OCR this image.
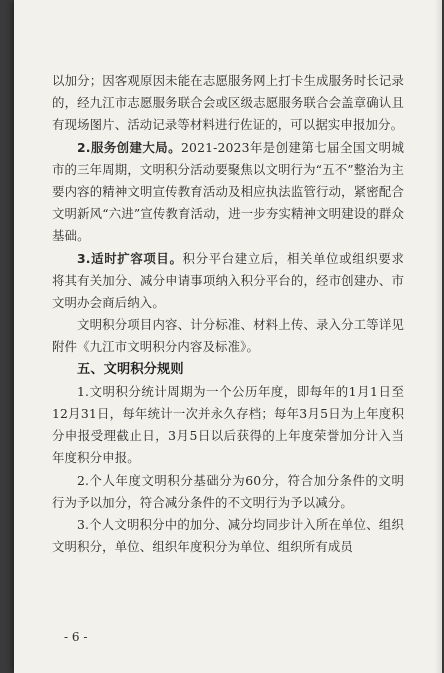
以加分；因客观原因未能在志愿服务网上打卡生成服务时长记录的，经九江市志愿服务联合会或区级志愿服务联合会盖章确认且有现场图片、活动记录等材料进行佐证的，可以据实申报加分。

2.服务创建大局。2021-2023年是创建第七届全国文明城市的三年周期，文明积分活动要聚焦以文明行为“五不”整治为主要内容的精神文明宣传教育活动及相应执法监管行动，紧密配合文明新风“六进”宣传教育活动，进一步夯实精神文明建设的群众基础。

3.适时扩容项目。积分平台建立后，相关单位或组织要求将其有关加分、减分申请事项纳入积分平台的，经市创建办、市文明办会商后纳入。

文明积分项目内容、计分标准、材料上传、录入分工等详见附件《九江市文明积分内容及标准》。

五、文明积分规则

1.文明积分统计周期为一个公历年度，即每年的1月1日至12月31日，每年统计一次并永久存档；每年3月5日为上年度积分申报受理截止日，3月5日以后获得的上年度荣誉加分计入当年度积分申报。

2.个人年度文明积分基础分为60分，符合加分条件的文明行为予以加分，符合减分条件的不文明行为予以减分。

3.个人文明积分中的加分、减分均同步计入所在单位、组织文明积分，单位、组织年度积分为单位、组织所有成员

- 6 -
